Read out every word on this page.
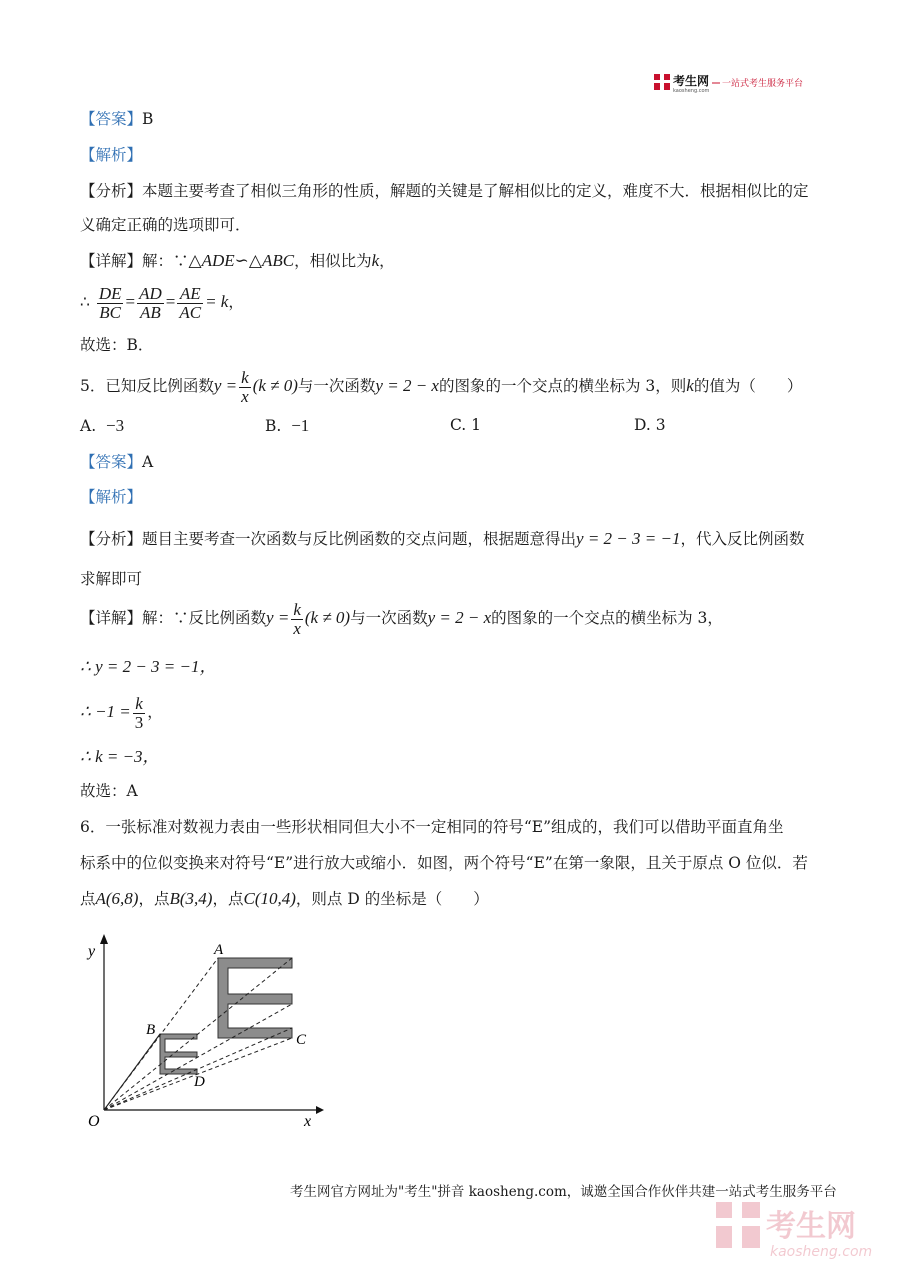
考生网
kaosheng.com
一站式考生服务平台
【答案】B
【解析】
【分析】本题主要考查了相似三角形的性质，解题的关键是了解相似比的定义，难度不大．根据相似比的定
义确定正确的选项即可．
【详解】解：∵△ADE∽△ABC，相似比为k，
∴ $\frac{DE}{BC} = \frac{AD}{AB} = \frac{AE}{AC} = k$，
故选：B．
5．已知反比例函数$y = \frac{k}{x} (k \ne 0)$与一次函数y = 2 − x的图象的一个交点的横坐标为 3，则k的值为（　　）
A. −3	B. −1	C. 1	D. 3
【答案】A
【解析】
【分析】题目主要考查一次函数与反比例函数的交点问题，根据题意得出y = 2 − 3 = −1，代入反比例函数
求解即可
【详解】解：∵反比例函数$y = \frac{k}{x} (k \ne 0)$与一次函数y = 2 − x的图象的一个交点的横坐标为 3，
∴ y = 2 − 3 = −1，
∴ $-1 = \frac{k}{3}$ ，
∴ k = −3，
故选：A
6．一张标准对数视力表由一些形状相同但大小不一定相同的符号“E”组成的，我们可以借助平面直角坐
标系中的位似变换来对符号“E”进行放大或缩小．如图，两个符号“E”在第一象限，且关于原点 O 位似．若
点A(6,8)，点B(3,4)，点C(10,4)，则点 D 的坐标是（　　）
y
x
O
A
B
C
D
考生网官方网址为"考生"拼音 kaosheng.com，诚邀全国合作伙伴共建一站式考生服务平台
考生网
kaosheng.com
